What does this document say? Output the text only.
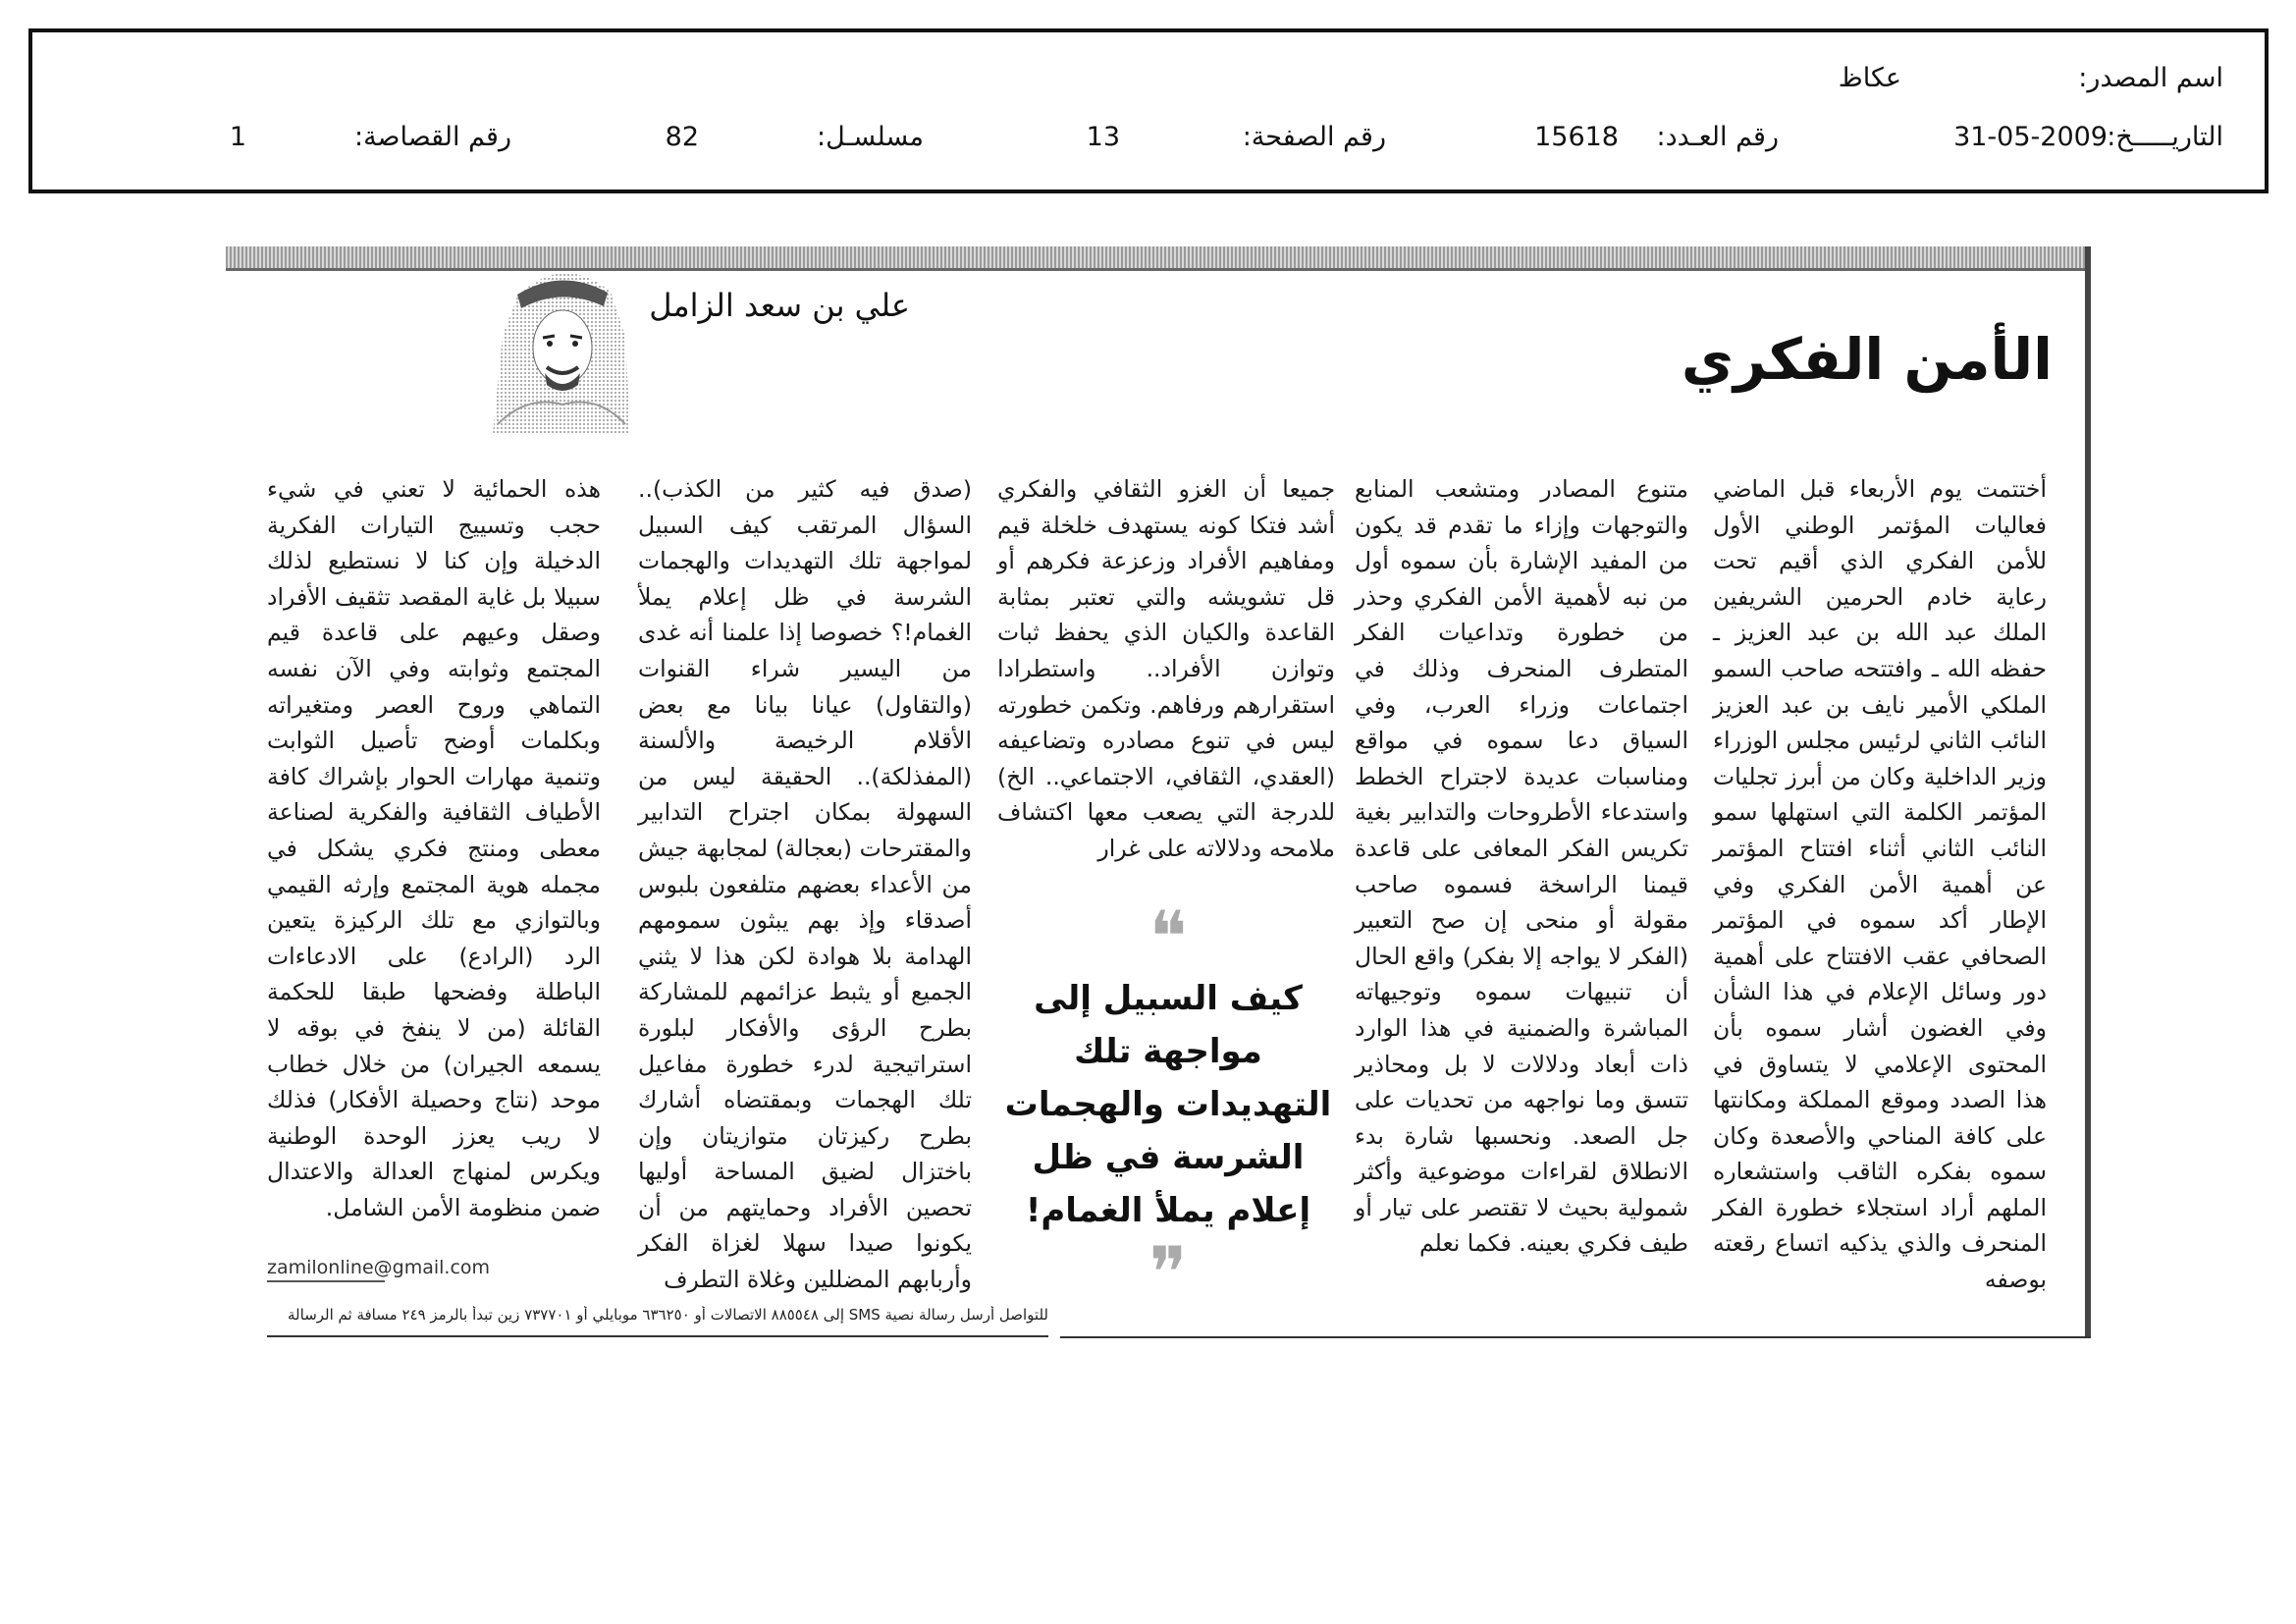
اسم المصدر:
عكاظ
التاريـــــخ:
31-05-2009
رقم العـدد:
15618
رقم الصفحة:
13
مسلسـل:
82
رقم القصاصة:
1
الأمن الفكري
علي بن سعد الزامل

أختتمت يوم الأربعاء قبل الماضي فعاليات المؤتمر الوطني الأول للأمن الفكري الذي أقيم تحت رعاية خادم الحرمين الشريفين الملك عبد الله بن عبد العزيز ـ حفظه الله ـ وافتتحه صاحب السمو الملكي الأمير نايف بن عبد العزيز النائب الثاني لرئيس مجلس الوزراء وزير الداخلية وكان من أبرز تجليات المؤتمر الكلمة التي استهلها سمو النائب الثاني أثناء افتتاح المؤتمر عن أهمية الأمن الفكري وفي الإطار أكد سموه في المؤتمر الصحافي عقب الافتتاح على أهمية دور وسائل الإعلام في هذا الشأن وفي الغضون أشار سموه بأن المحتوى الإعلامي لا يتساوق في هذا الصدد وموقع المملكة ومكانتها على كافة المناحي والأصعدة وكان سموه بفكره الثاقب واستشعاره الملهم أراد استجلاء خطورة الفكر المنحرف والذي يذكيه اتساع رقعته بوصفه

متنوع المصادر ومتشعب المنابع والتوجهات وإزاء ما تقدم قد يكون من المفيد الإشارة بأن سموه أول من نبه لأهمية الأمن الفكري وحذر من خطورة وتداعيات الفكر المتطرف المنحرف وذلك في اجتماعات وزراء العرب، وفي السياق دعا سموه في مواقع ومناسبات عديدة لاجتراح الخطط واستدعاء الأطروحات والتدابير بغية تكريس الفكر المعافى على قاعدة قيمنا الراسخة فسموه صاحب مقولة أو منحى إن صح التعبير (الفكر لا يواجه إلا بفكر) واقع الحال أن تنبيهات سموه وتوجيهاته المباشرة والضمنية في هذا الوارد ذات أبعاد ودلالات لا بل ومحاذير تتسق وما نواجهه من تحديات على جل الصعد. ونحسبها شارة بدء الانطلاق لقراءات موضوعية وأكثر شمولية بحيث لا تقتصر على تيار أو طيف فكري بعينه. فكما نعلم

جميعا أن الغزو الثقافي والفكري أشد فتكا كونه يستهدف خلخلة قيم ومفاهيم الأفراد وزعزعة فكرهم أو قل تشويشه والتي تعتبر بمثابة القاعدة والكيان الذي يحفظ ثبات وتوازن الأفراد.. واستطرادا استقرارهم ورفاهم. وتكمن خطورته ليس في تنوع مصادره وتضاعيفه (العقدي، الثقافي، الاجتماعي.. الخ) للدرجة التي يصعب معها اكتشاف ملامحه ودلالاته على غرار

(صدق فيه كثير من الكذب).. السؤال المرتقب كيف السبيل لمواجهة تلك التهديدات والهجمات الشرسة في ظل إعلام يملأ الغمام!؟ خصوصا إذا علمنا أنه غدى من اليسير شراء القنوات (والتقاول) عيانا بيانا مع بعض الأقلام الرخيصة والألسنة (المفذلكة).. الحقيقة ليس من السهولة بمكان اجتراح التدابير والمقترحات (بعجالة) لمجابهة جيش من الأعداء بعضهم متلفعون بلبوس أصدقاء وإذ بهم يبثون سمومهم الهدامة بلا هوادة لكن هذا لا يثني الجميع أو يثبط عزائمهم للمشاركة بطرح الرؤى والأفكار لبلورة استراتيجية لدرء خطورة مفاعيل تلك الهجمات وبمقتضاه أشارك بطرح ركيزتان متوازيتان وإن باختزال لضيق المساحة أوليها تحصين الأفراد وحمايتهم من أن يكونوا صيدا سهلا لغزاة الفكر وأربابهم المضللين وغلاة التطرف

هذه الحمائية لا تعني في شيء حجب وتسييج التيارات الفكرية الدخيلة وإن كنا لا نستطيع لذلك سبيلا بل غاية المقصد تثقيف الأفراد وصقل وعيهم على قاعدة قيم المجتمع وثوابته وفي الآن نفسه التماهي وروح العصر ومتغيراته وبكلمات أوضح تأصيل الثوابت وتنمية مهارات الحوار بإشراك كافة الأطياف الثقافية والفكرية لصناعة معطى ومنتج فكري يشكل في مجمله هوية المجتمع وإرثه القيمي وبالتوازي مع تلك الركيزة يتعين الرد (الرادع) على الادعاءات الباطلة وفضحها طبقا للحكمة القائلة (من لا ينفخ في بوقه لا يسمعه الجيران) من خلال خطاب موحد (نتاج وحصيلة الأفكار) فذلك لا ريب يعزز الوحدة الوطنية ويكرس لمنهاج العدالة والاعتدال ضمن منظومة الأمن الشامل.

❝
كيف السبيل إلى مواجهة تلك التهديدات والهجمات الشرسة في ظل إعلام يملأ الغمام!
❞
zamilonline@gmail.com
للتواصل أرسل رسالة نصية SMS إلى ٨٨٥٥٤٨ الاتصالات أو ٦٣٦٢٥٠ موبايلي أو ٧٣٧٧٠١ زين تبدأ بالرمز ٢٤٩ مسافة ثم الرسالة
